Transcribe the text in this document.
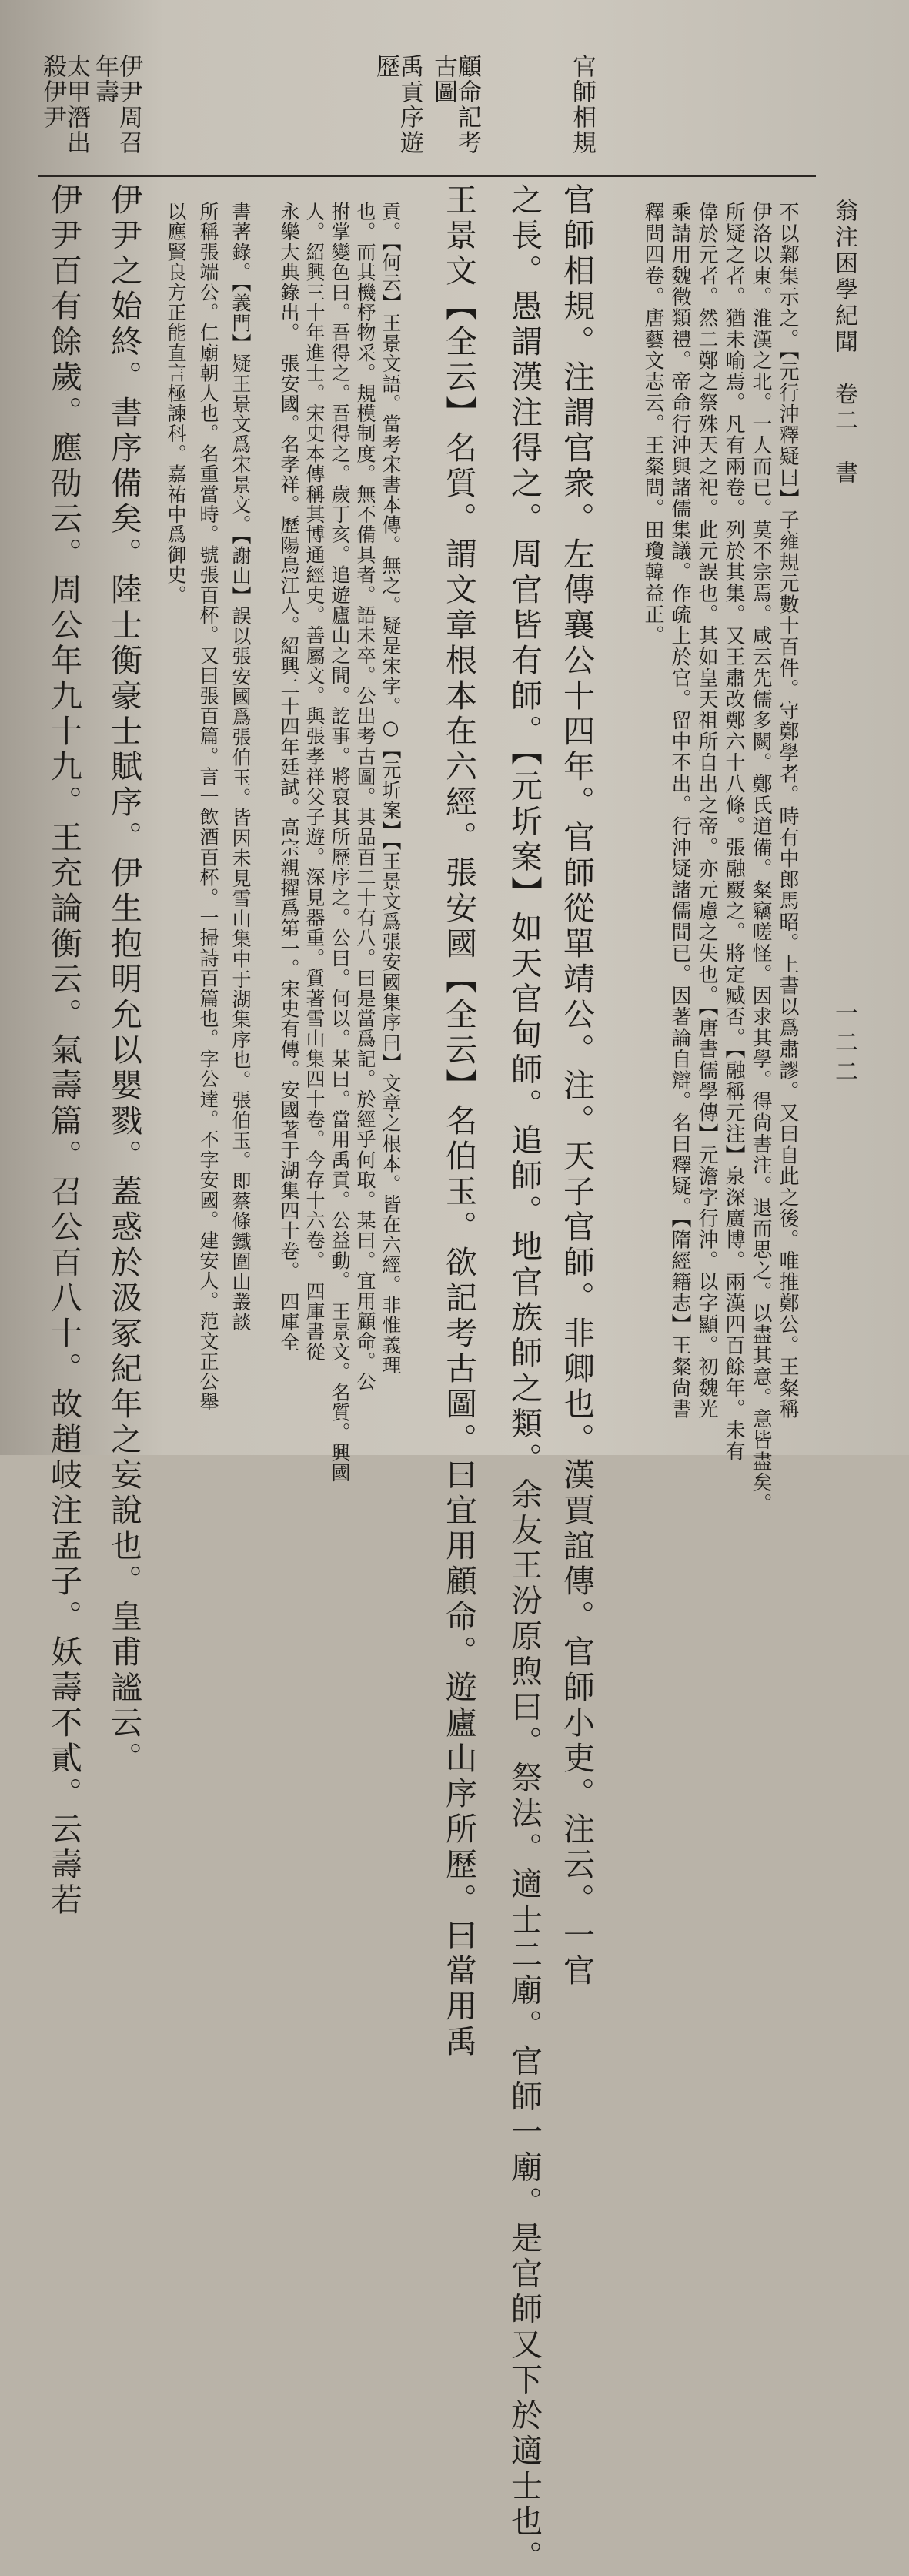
翁注困學紀聞　卷二　書
一二二
官師相規
顧命記考古圖
禹貢序遊歷
伊尹周召年壽
太甲潛出殺伊尹
不以鄴集示之。【元行沖釋疑曰】子雍規元數十百件。守鄭學者。時有中郎馬昭。上書以爲肅謬。又曰自此之後。唯推鄭公。王粲稱
伊洛以東。淮漢之北。一人而已。莫不宗焉。咸云先儒多闕。鄭氏道備。粲竊嗟怪。因求其學。得尙書注。退而思之。以盡其意。意皆盡矣。
所疑之者。猶未喻焉。凡有兩卷。列於其集。又王肅改鄭六十八條。張融覈之。將定臧否。【融稱元注】泉深廣博。兩漢四百餘年。未有
偉於元者。然二鄭之祭殊天之祀。此元誤也。其如皇天祖所自出之帝。亦元慮之失也。【唐書儒學傳】元澹字行沖。以字顯。初魏光
乘請用魏徵類禮。帝命行沖與諸儒集議。作疏上於官。留中不出。行沖疑諸儒間已。因著論自辯。名曰釋疑。【隋經籍志】王粲尙書
釋問四卷。唐藝文志云。王粲問。田瓊韓益正。
官師相規。注謂官衆。左傳襄公十四年。官師從單靖公。注。天子官師。非卿也。漢賈誼傳。官師小吏。注云。一官
之長。愚謂漢注得之。周官皆有師。【元圻案】如天官甸師。追師。地官族師之類。余友王汾原煦曰。祭法。適士二廟。官師一廟。是官師又下於適士也。
王景文【全云】名質。謂文章根本在六經。張安國【全云】名伯玉。欲記考古圖。曰宜用顧命。遊廬山序所歷。曰當用禹
貢。【何云】王景文語。當考宋書本傳。無之。疑是宋字。○【元圻案】【王景文爲張安國集序曰】文章之根本。皆在六經。非惟義理
也。而其機杼物采。規模制度。無不備具者。語未卒。公出考古圖。其品百二十有八。曰是當爲記。於經乎何取。某曰。宜用顧命。公
拊掌變色曰。吾得之。吾得之。歲丁亥。追遊廬山之間。訖事。將裒其所歷序之。公曰。何以。某曰。當用禹貢。公益動。　王景文。名質。興國
人。紹興三十年進士。宋史本傳稱其博通經史。善屬文。與張孝祥父子遊。深見器重。質著雪山集四十卷。今存十六卷。　四庫書從
永樂大典錄出。　張安國。名孝祥。歷陽烏江人。紹興二十四年廷試。高宗親擢爲第一。宋史有傳。安國著于湖集四十卷。　四庫全
書著錄。【義門】疑王景文爲宋景文。【謝山】誤以張安國爲張伯玉。皆因未見雪山集中于湖集序也。張伯玉。即蔡條鐵圍山叢談
所稱張端公。仁廟朝人也。名重當時。號張百杯。又曰張百篇。言一飲酒百杯。一掃詩百篇也。字公達。不字安國。建安人。范文正公舉
以應賢良方正能直言極諫科。嘉祐中爲御史。
伊尹之始終。書序備矣。陸士衡豪士賦序。伊生抱明允以嬰戮。蓋惑於汲冢紀年之妄說也。皇甫謐云。
伊尹百有餘歲。應劭云。周公年九十九。王充論衡云。氣壽篇。召公百八十。故趙岐注孟子。妖壽不貳。云壽若
